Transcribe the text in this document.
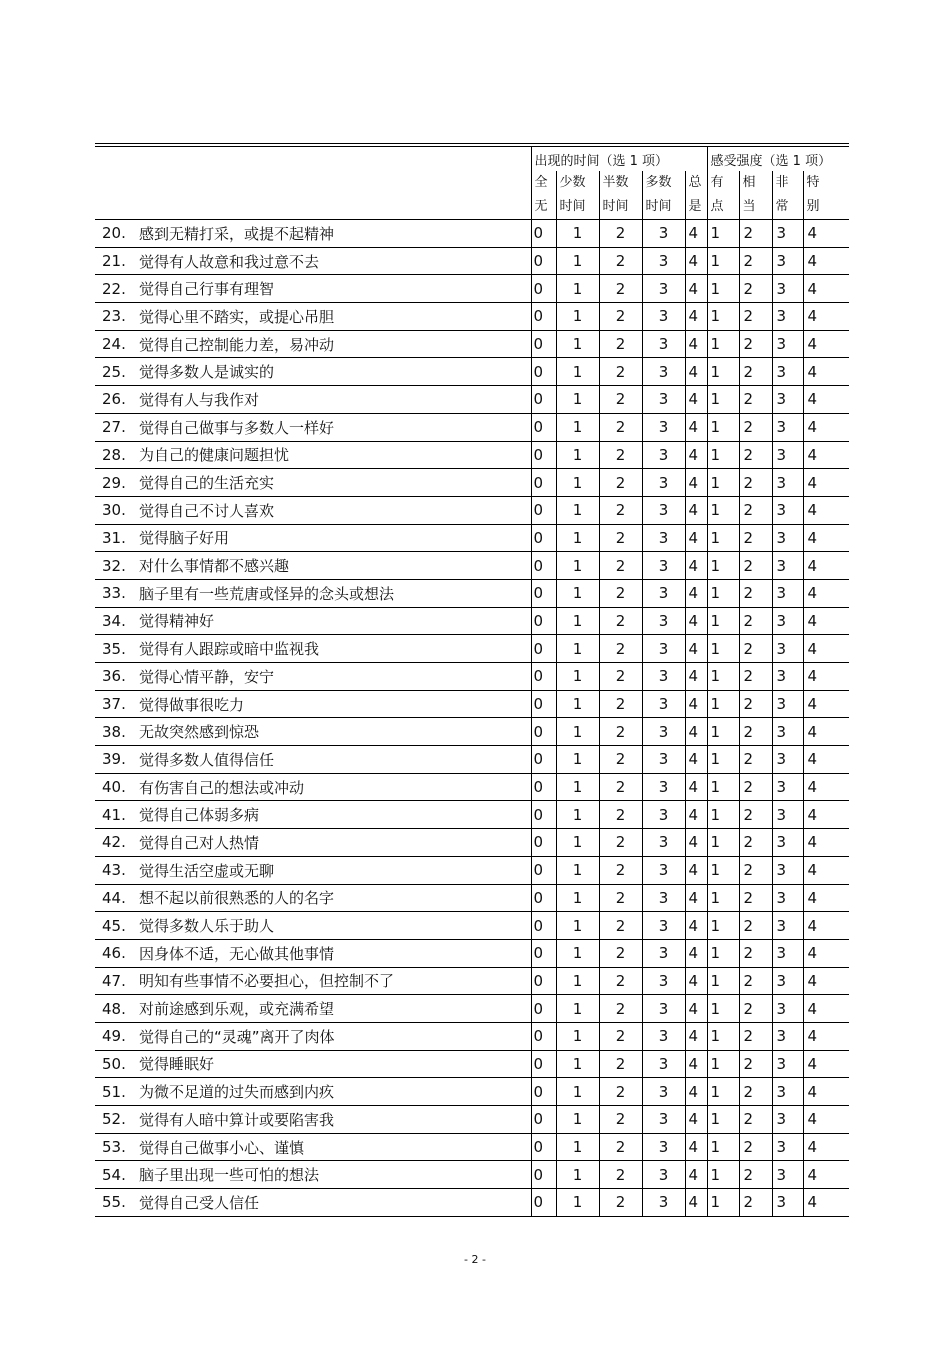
		出现的时间（选 1 项）					感受强度（选 1 项）			
		全	少数	半数	多数	总	有	相	非	特
		无	时间	时间	时间	是	点	当	常	别
20.	感到无精打采，或提不起精神	0	1	2	3	4	1	2	3	4
21.	觉得有人故意和我过意不去	0	1	2	3	4	1	2	3	4
22.	觉得自己行事有理智	0	1	2	3	4	1	2	3	4
23.	觉得心里不踏实，或提心吊胆	0	1	2	3	4	1	2	3	4
24.	觉得自己控制能力差，易冲动	0	1	2	3	4	1	2	3	4
25.	觉得多数人是诚实的	0	1	2	3	4	1	2	3	4
26.	觉得有人与我作对	0	1	2	3	4	1	2	3	4
27.	觉得自己做事与多数人一样好	0	1	2	3	4	1	2	3	4
28.	为自己的健康问题担忧	0	1	2	3	4	1	2	3	4
29.	觉得自己的生活充实	0	1	2	3	4	1	2	3	4
30.	觉得自己不讨人喜欢	0	1	2	3	4	1	2	3	4
31.	觉得脑子好用	0	1	2	3	4	1	2	3	4
32.	对什么事情都不感兴趣	0	1	2	3	4	1	2	3	4
33.	脑子里有一些荒唐或怪异的念头或想法	0	1	2	3	4	1	2	3	4
34.	觉得精神好	0	1	2	3	4	1	2	3	4
35.	觉得有人跟踪或暗中监视我	0	1	2	3	4	1	2	3	4
36.	觉得心情平静，安宁	0	1	2	3	4	1	2	3	4
37.	觉得做事很吃力	0	1	2	3	4	1	2	3	4
38.	无故突然感到惊恐	0	1	2	3	4	1	2	3	4
39.	觉得多数人值得信任	0	1	2	3	4	1	2	3	4
40.	有伤害自己的想法或冲动	0	1	2	3	4	1	2	3	4
41.	觉得自己体弱多病	0	1	2	3	4	1	2	3	4
42.	觉得自己对人热情	0	1	2	3	4	1	2	3	4
43.	觉得生活空虚或无聊	0	1	2	3	4	1	2	3	4
44.	想不起以前很熟悉的人的名字	0	1	2	3	4	1	2	3	4
45.	觉得多数人乐于助人	0	1	2	3	4	1	2	3	4
46.	因身体不适，无心做其他事情	0	1	2	3	4	1	2	3	4
47.	明知有些事情不必要担心，但控制不了	0	1	2	3	4	1	2	3	4
48.	对前途感到乐观，或充满希望	0	1	2	3	4	1	2	3	4
49.	觉得自己的“灵魂”离开了肉体	0	1	2	3	4	1	2	3	4
50.	觉得睡眠好	0	1	2	3	4	1	2	3	4
51.	为微不足道的过失而感到内疚	0	1	2	3	4	1	2	3	4
52.	觉得有人暗中算计或要陷害我	0	1	2	3	4	1	2	3	4
53.	觉得自己做事小心、谨慎	0	1	2	3	4	1	2	3	4
54.	脑子里出现一些可怕的想法	0	1	2	3	4	1	2	3	4
55.	觉得自己受人信任	0	1	2	3	4	1	2	3	4
- 2 -
